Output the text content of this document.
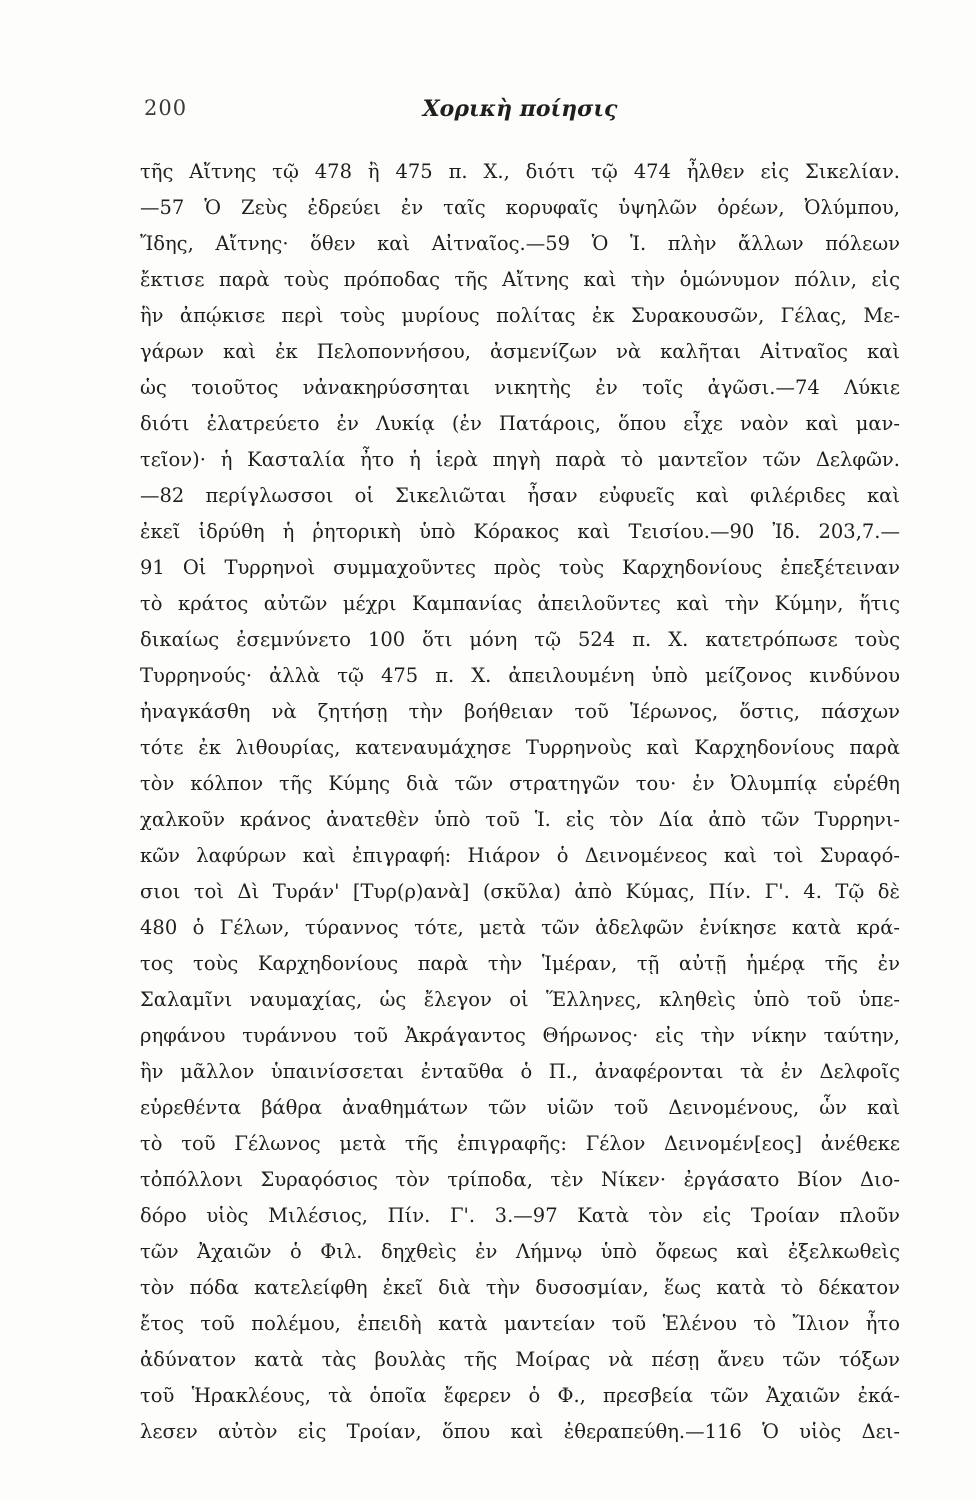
200	Χορικὴ ποίησις
τῆς Αἴτνης τῷ 478 ἢ 475 π. Χ., διότι τῷ 474 ἦλθεν εἰς Σικελίαν.
—57 Ὁ Ζεὺς ἐδρεύει ἐν ταῖς κορυφαῖς ὑψηλῶν ὀρέων, Ὀλύμπου,
Ἴδης, Αἴτνης· ὅθεν καὶ Αἰτναῖος.—59 Ὁ Ἱ. πλὴν ἄλλων πόλεων
ἔκτισε παρὰ τοὺς πρόποδας τῆς Αἴτνης καὶ τὴν ὁμώνυμον πόλιν, εἰς
ἣν ἀπῴκισε περὶ τοὺς μυρίους πολίτας ἐκ Συρακουσῶν, Γέλας, Με-
γάρων καὶ ἐκ Πελοποννήσου, ἀσμενίζων νὰ καλῆται Αἰτναῖος καὶ
ὡς τοιοῦτος νἀνακηρύσσηται νικητὴς ἐν τοῖς ἀγῶσι.—74 Λύκιε
διότι ἐλατρεύετο ἐν Λυκίᾳ (ἐν Πατάροις, ὅπου εἶχε ναὸν καὶ μαν-
τεῖον)· ἡ Κασταλία ἦτο ἡ ἱερὰ πηγὴ παρὰ τὸ μαντεῖον τῶν Δελφῶν.
—82 περίγλωσσοι οἱ Σικελιῶται ἦσαν εὐφυεῖς καὶ φιλέριδες καὶ
ἐκεῖ ἱδρύθη ἡ ῥητορικὴ ὑπὸ Κόρακος καὶ Τεισίου.—90 Ἰδ. 203,7.—
91 Οἱ Τυρρηνοὶ συμμαχοῦντες πρὸς τοὺς Καρχηδονίους ἐπεξέτειναν
τὸ κράτος αὐτῶν μέχρι Καμπανίας ἀπειλοῦντες καὶ τὴν Κύμην, ἥτις
δικαίως ἐσεμνύνετο 100 ὅτι μόνη τῷ 524 π. Χ. κατετρόπωσε τοὺς
Τυρρηνούς· ἀλλὰ τῷ 475 π. Χ. ἀπειλουμένη ὑπὸ μείζονος κινδύνου
ἠναγκάσθη νὰ ζητήσῃ τὴν βοήθειαν τοῦ Ἱέρωνος, ὅστις, πάσχων
τότε ἐκ λιθουρίας, κατεναυμάχησε Τυρρηνοὺς καὶ Καρχηδονίους παρὰ
τὸν κόλπον τῆς Κύμης διὰ τῶν στρατηγῶν του· ἐν Ὀλυμπίᾳ εὑρέθη
χαλκοῦν κράνος ἀνατεθὲν ὑπὸ τοῦ Ἱ. εἰς τὸν Δία ἀπὸ τῶν Τυρρηνι-
κῶν λαφύρων καὶ ἐπιγραφή: Ηιάρον ὁ Δεινομένεος καὶ τοὶ Συραϙό-
σιοι τοὶ Δὶ Τυράν' [Τυρ(ρ)ανὰ] (σκῦλα) ἀπὸ Κύμας, Πίν. Γ'. 4. Τῷ δὲ
480 ὁ Γέλων, τύραννος τότε, μετὰ τῶν ἀδελφῶν ἐνίκησε κατὰ κρά-
τος τοὺς Καρχηδονίους παρὰ τὴν Ἱμέραν, τῇ αὐτῇ ἡμέρᾳ τῆς ἐν
Σαλαμῖνι ναυμαχίας, ὡς ἔλεγον οἱ Ἕλληνες, κληθεὶς ὑπὸ τοῦ ὑπε-
ρηφάνου τυράννου τοῦ Ἀκράγαντος Θήρωνος· εἰς τὴν νίκην ταύτην,
ἣν μᾶλλον ὑπαινίσσεται ἐνταῦθα ὁ Π., ἀναφέρονται τὰ ἐν Δελφοῖς
εὑρεθέντα βάθρα ἀναθημάτων τῶν υἱῶν τοῦ Δεινομένους, ὧν καὶ
τὸ τοῦ Γέλωνος μετὰ τῆς ἐπιγραφῆς: Γέλον Δεινομέν[εος] ἀνέθεκε
τὀπόλλονι Συραϙόσιος τὸν τρίποδα, τὲν Νίκεν· ἐργάσατο Βίον Διο-
δόρο υἱὸς Μιλέσιος, Πίν. Γ'. 3.—97 Κατὰ τὸν εἰς Τροίαν πλοῦν
τῶν Ἀχαιῶν ὁ Φιλ. δηχθεὶς ἐν Λήμνῳ ὑπὸ ὄφεως καὶ ἐξελκωθεὶς
τὸν πόδα κατελείφθη ἐκεῖ διὰ τὴν δυσοσμίαν, ἕως κατὰ τὸ δέκατον
ἔτος τοῦ πολέμου, ἐπειδὴ κατὰ μαντείαν τοῦ Ἑλένου τὸ Ἴλιον ἦτο
ἀδύνατον κατὰ τὰς βουλὰς τῆς Μοίρας νὰ πέσῃ ἄνευ τῶν τόξων
τοῦ Ἡρακλέους, τὰ ὁποῖα ἔφερεν ὁ Φ., πρεσβεία τῶν Ἀχαιῶν ἐκά-
λεσεν αὐτὸν εἰς Τροίαν, ὅπου καὶ ἐθεραπεύθη.—116 Ὁ υἱὸς Δει-
